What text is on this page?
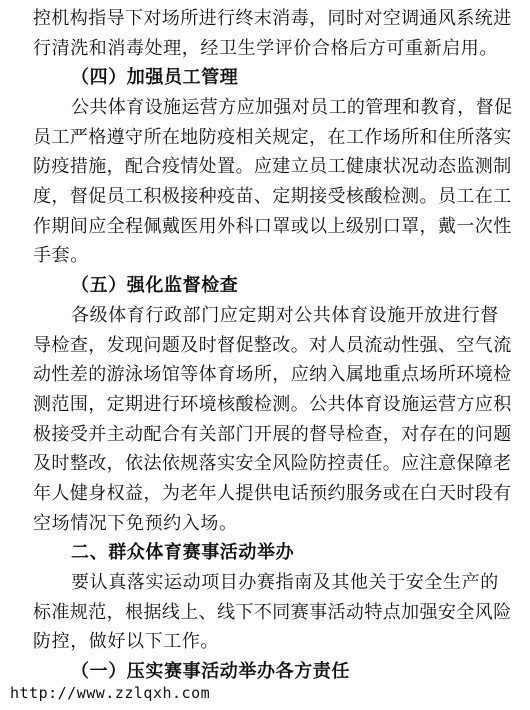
控机构指导下对场所进行终末消毒，同时对空调通风系统进
行清洗和消毒处理，经卫生学评价合格后方可重新启用。
（四）加强员工管理
公共体育设施运营方应加强对员工的管理和教育，督促
员工严格遵守所在地防疫相关规定，在工作场所和住所落实
防疫措施，配合疫情处置。应建立员工健康状况动态监测制
度，督促员工积极接种疫苗、定期接受核酸检测。员工在工
作期间应全程佩戴医用外科口罩或以上级别口罩，戴一次性
手套。
（五）强化监督检查
各级体育行政部门应定期对公共体育设施开放进行督
导检查，发现问题及时督促整改。对人员流动性强、空气流
动性差的游泳场馆等体育场所，应纳入属地重点场所环境检
测范围，定期进行环境核酸检测。公共体育设施运营方应积
极接受并主动配合有关部门开展的督导检查，对存在的问题
及时整改，依法依规落实安全风险防控责任。应注意保障老
年人健身权益，为老年人提供电话预约服务或在白天时段有
空场情况下免预约入场。
二、群众体育赛事活动举办
要认真落实运动项目办赛指南及其他关于安全生产的
标准规范，根据线上、线下不同赛事活动特点加强安全风险
防控，做好以下工作。
（一）压实赛事活动举办各方责任
http://www.zzlqxh.com
